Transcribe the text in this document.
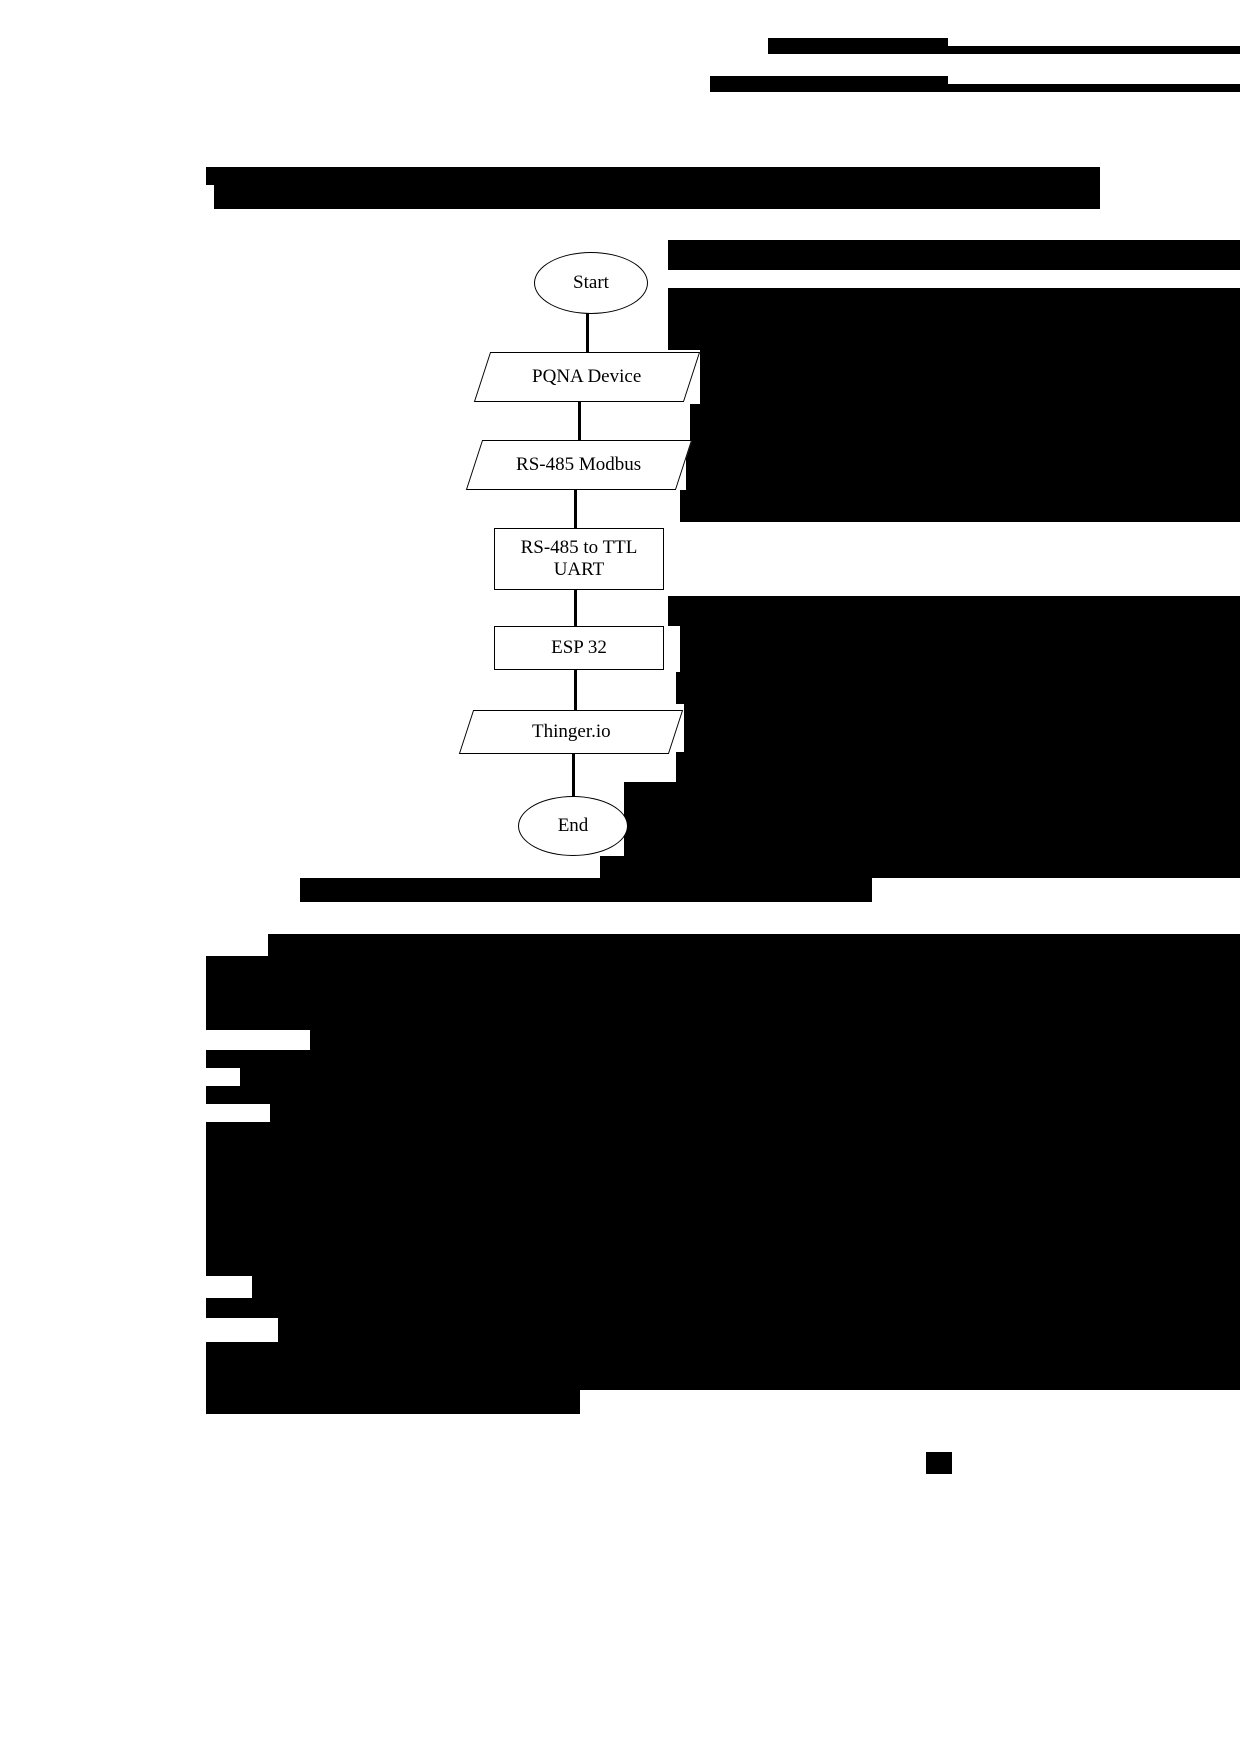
Start
PQNA Device
RS-485 Modbus
RS-485 to TTL UART
ESP 32
Thinger.io
End
